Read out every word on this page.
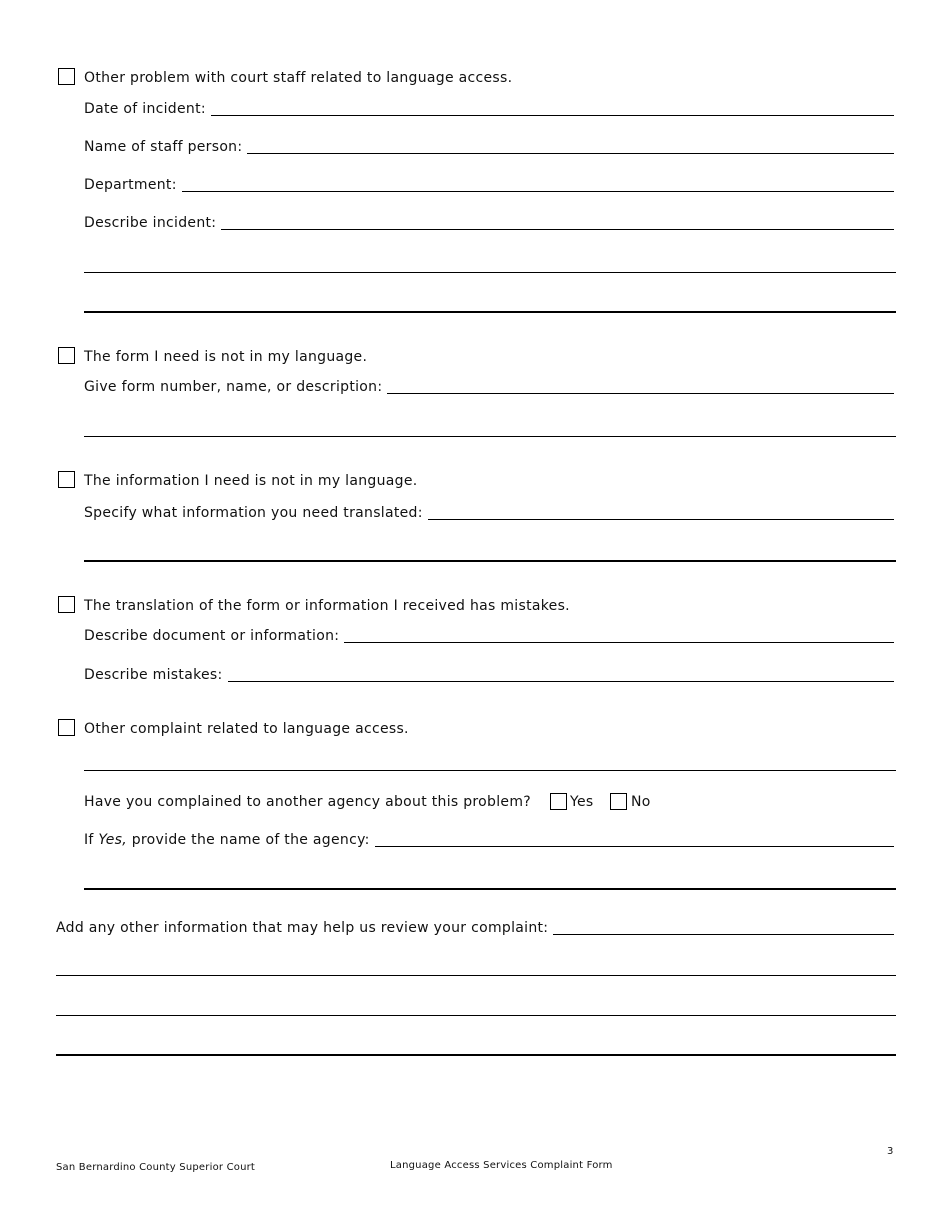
Other problem with court staff related to language access.
Date of incident:
Name of staff person:
Department:
Describe incident:
The form I need is not in my language.
Give form number, name, or description:
The information I need is not in my language.
Specify what information you need translated:
The translation of the form or information I received has mistakes.
Describe document or information:
Describe mistakes:
Other complaint related to language access.
Have you complained to another agency about this problem?	Yes	No
If Yes, provide the name of the agency:
Add any other information that may help us review your complaint:
3
San Bernardino County Superior Court	Language Access Services Complaint Form
